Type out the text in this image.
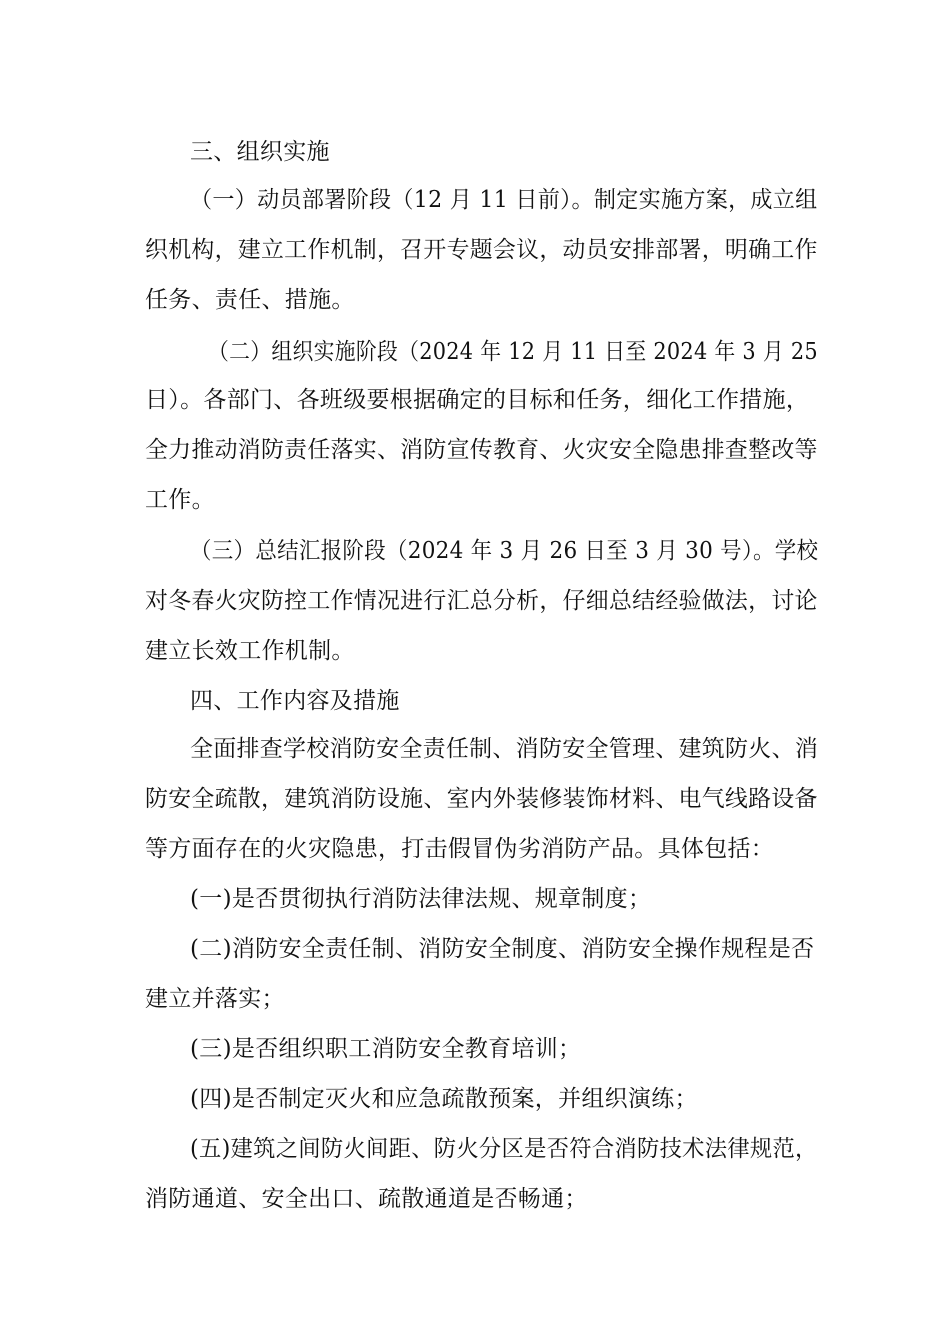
三、组织实施
（一）动员部署阶段（12 月 11 日前）。制定实施方案，成立组
织机构，建立工作机制，召开专题会议，动员安排部署，明确工作
任务、责任、措施。
（二）组织实施阶段（2024 年 12 月 11 日至 2024 年 3 月 25
日）。各部门、各班级要根据确定的目标和任务，细化工作措施，
全力推动消防责任落实、消防宣传教育、火灾安全隐患排查整改等
工作。
（三）总结汇报阶段（2024 年 3 月 26 日至 3 月 30 号）。学校
对冬春火灾防控工作情况进行汇总分析，仔细总结经验做法，讨论
建立长效工作机制。
四、工作内容及措施
全面排查学校消防安全责任制、消防安全管理、建筑防火、消
防安全疏散，建筑消防设施、室内外装修装饰材料、电气线路设备
等方面存在的火灾隐患，打击假冒伪劣消防产品。具体包括：
(一)是否贯彻执行消防法律法规、规章制度；
(二)消防安全责任制、消防安全制度、消防安全操作规程是否
建立并落实；
(三)是否组织职工消防安全教育培训；
(四)是否制定灭火和应急疏散预案，并组织演练；
(五)建筑之间防火间距、防火分区是否符合消防技术法律规范，
消防通道、安全出口、疏散通道是否畅通；
